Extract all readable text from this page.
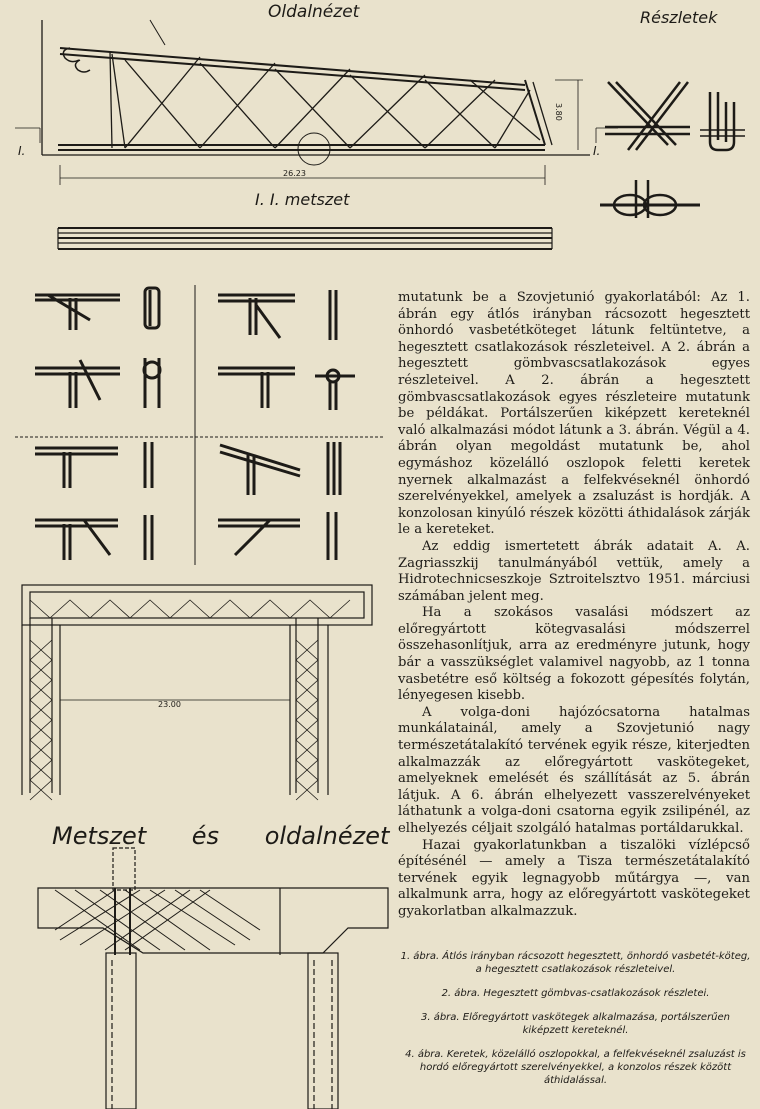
Oldalnézet	Részletek
I. I. metszet
Metszet és oldalnézet
26.23
3.80
23.00
I.	I.

mutatunk be a Szovjetunió gyakorlatából: Az 1. ábrán egy átlós irányban rácsozott hegesztett önhordó vasbetétköteget látunk feltüntetve, a hegesztett csatlakozások részleteivel. A 2. ábrán a hegesztett gömbvascsatlakozások egyes részleteivel. A 2. ábrán a hegesztett gömbvascsatlakozások egyes részleteire mutatunk be példákat. Portálszerűen kiképzett kereteknél való alkalmazási módot látunk a 3. ábrán. Végül a 4. ábrán olyan megoldást mutatunk be, ahol egymáshoz közelálló oszlopok feletti keretek nyernek alkalmazást a felfekvéseknél önhordó szerelvényekkel, amelyek a zsaluzást is hordják. A konzolosan kinyúló részek közötti áthidalások zárják le a kereteket.

Az eddig ismertetett ábrák adatait A. A. Zagriasszkij tanulmányából vettük, amely a Hidrotechnicseszkoje Sztroitelsztvo 1951. márciusi számában jelent meg.

Ha a szokásos vasalási módszert az előregyártott kötegvasalási módszerrel összehasonlítjuk, arra az eredményre jutunk, hogy bár a vasszükséglet valamivel nagyobb, az 1 tonna vasbetétre eső költség a fokozott gépesítés folytán, lényegesen kisebb.

A volga-doni hajózócsatorna hatalmas munkálatainál, amely a Szovjetunió nagy természetátalakító tervének egyik része, kiterjedten alkalmazzák az előregyártott vaskötegeket, amelyeknek emelését és szállítását az 5. ábrán látjuk. A 6. ábrán elhelyezett vasszerelvényeket láthatunk a volga-doni csatorna egyik zsilipénél, az elhelyezés céljait szolgáló hatalmas portáldarukkal.

Hazai gyakorlatunkban a tiszalöki vízlépcső építésénél — amely a Tisza természetátalakító tervének egyik legnagyobb műtárgya —, van alkalmunk arra, hogy az előregyártott vaskötegeket gyakorlatban alkalmazzuk.

1. ábra. Átlós irányban rácsozott hegesztett, önhordó vasbetét-köteg, a hegesztett csatlakozások részleteivel.

2. ábra. Hegesztett gömbvas-csatlakozások részletei.

3. ábra. Előregyártott vaskötegek alkalmazása, portálszerűen kiképzett kereteknél.

4. ábra. Keretek, közelálló oszlopokkal, a felfekvéseknél zsaluzást is hordó előregyártott szerelvényekkel, a konzolos részek között áthidalással.
